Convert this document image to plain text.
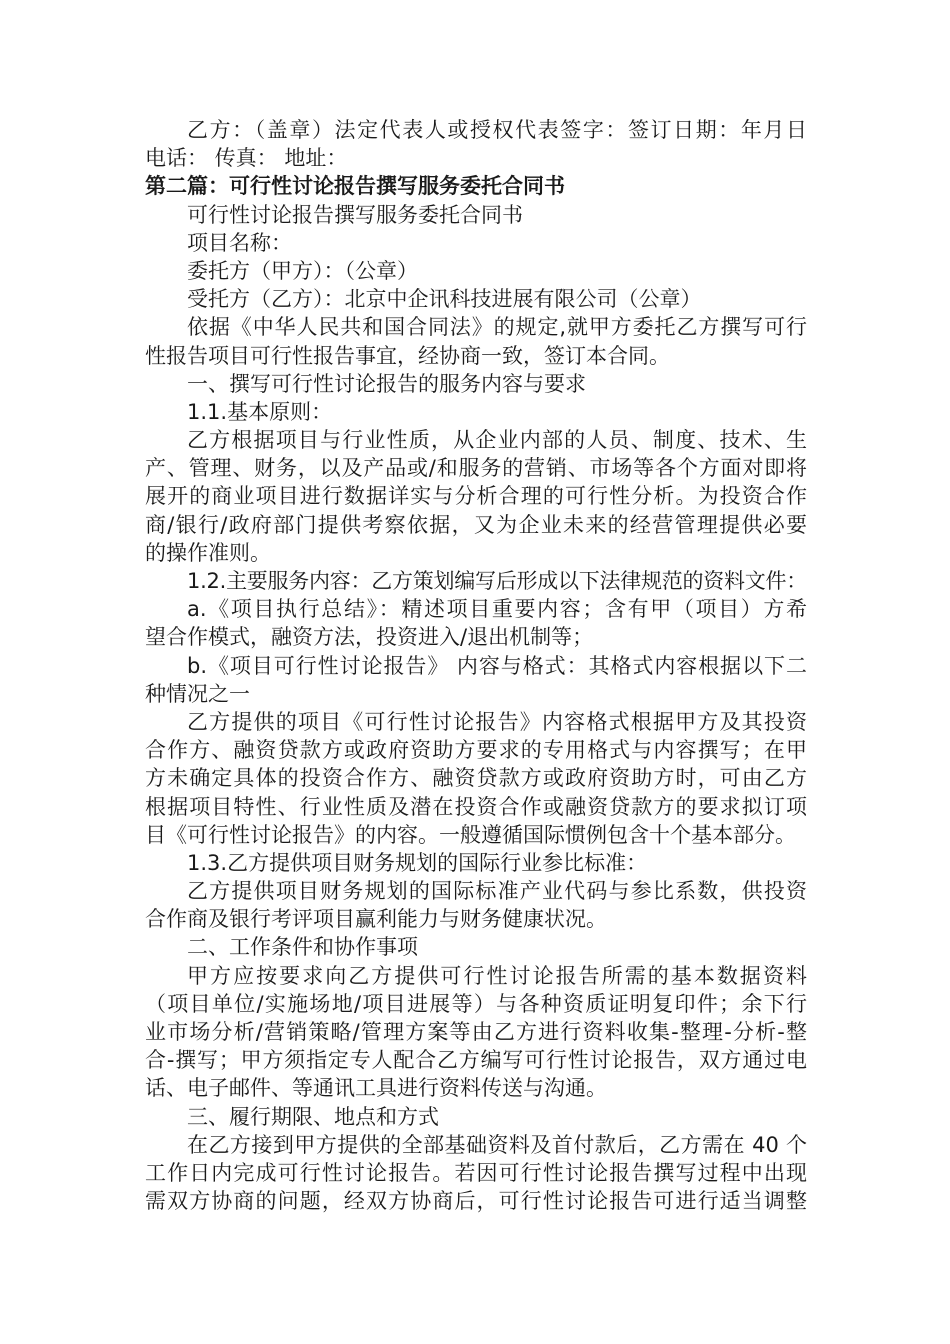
乙方：（盖章）法定代表人或授权代表签字：签订日期：年月日
电话： 传真： 地址：
第二篇：可行性讨论报告撰写服务委托合同书
可行性讨论报告撰写服务委托合同书
项目名称：
委托方（甲方）：（公章）
受托方（乙方）：北京中企讯科技进展有限公司（公章）
依据《中华人民共和国合同法》的规定,就甲方委托乙方撰写可行
性报告项目可行性报告事宜，经协商一致，签订本合同。
一、撰写可行性讨论报告的服务内容与要求
1.1.基本原则：
乙方根据项目与行业性质，从企业内部的人员、制度、技术、生
产、管理、财务，以及产品或/和服务的营销、市场等各个方面对即将
展开的商业项目进行数据详实与分析合理的可行性分析。为投资合作
商/银行/政府部门提供考察依据，又为企业未来的经营管理提供必要
的操作准则。
1.2.主要服务内容：乙方策划编写后形成以下法律规范的资料文件：
a.《项目执行总结》：精述项目重要内容；含有甲（项目）方希
望合作模式，融资方法，投资进入/退出机制等；
b.《项目可行性讨论报告》 内容与格式：其格式内容根据以下二
种情况之一
乙方提供的项目《可行性讨论报告》内容格式根据甲方及其投资
合作方、融资贷款方或政府资助方要求的专用格式与内容撰写；在甲
方未确定具体的投资合作方、融资贷款方或政府资助方时，可由乙方
根据项目特性、行业性质及潜在投资合作或融资贷款方的要求拟订项
目《可行性讨论报告》的内容。一般遵循国际惯例包含十个基本部分。
1.3.乙方提供项目财务规划的国际行业参比标准：
乙方提供项目财务规划的国际标准产业代码与参比系数，供投资
合作商及银行考评项目赢利能力与财务健康状况。
二、工作条件和协作事项
甲方应按要求向乙方提供可行性讨论报告所需的基本数据资料
（项目单位/实施场地/项目进展等）与各种资质证明复印件；余下行
业市场分析/营销策略/管理方案等由乙方进行资料收集-整理-分析-整
合-撰写；甲方须指定专人配合乙方编写可行性讨论报告，双方通过电
话、电子邮件、等通讯工具进行资料传送与沟通。
三、履行期限、地点和方式
在乙方接到甲方提供的全部基础资料及首付款后，乙方需在 40 个
工作日内完成可行性讨论报告。若因可行性讨论报告撰写过程中出现
需双方协商的问题，经双方协商后，可行性讨论报告可进行适当调整
